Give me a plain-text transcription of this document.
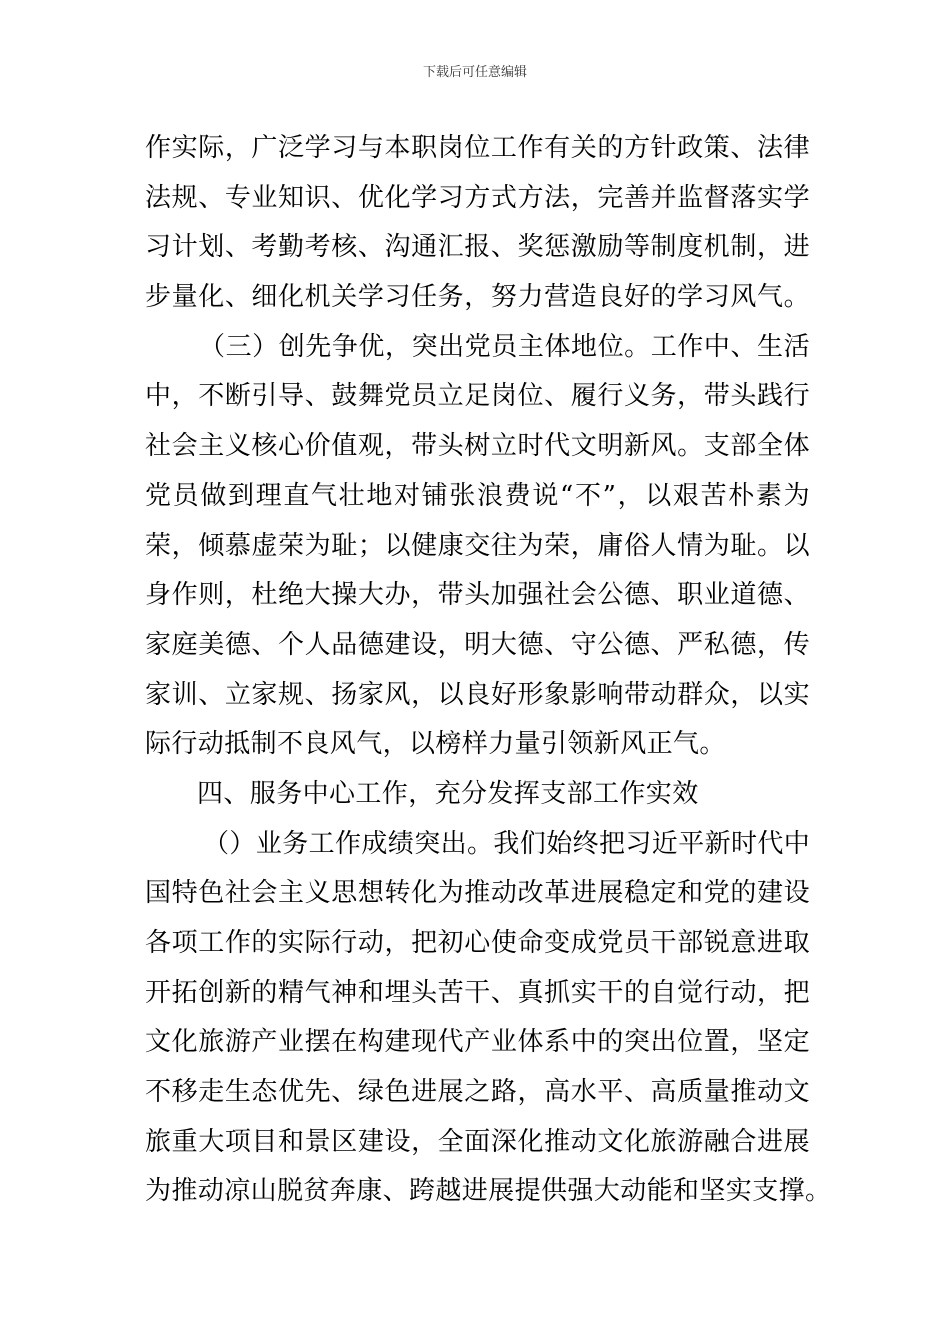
下载后可任意编辑
作实际，广泛学习与本职岗位工作有关的方针政策、法律
法规、专业知识、优化学习方式方法，完善并监督落实学
习计划、考勤考核、沟通汇报、奖惩激励等制度机制，进
步量化、细化机关学习任务，努力营造良好的学习风气。
（三）创先争优，突出党员主体地位。工作中、生活
中，不断引导、鼓舞党员立足岗位、履行义务，带头践行
社会主义核心价值观，带头树立时代文明新风。支部全体
党员做到理直气壮地对铺张浪费说“不”，以艰苦朴素为
荣，倾慕虚荣为耻；以健康交往为荣，庸俗人情为耻。以
身作则，杜绝大操大办，带头加强社会公德、职业道德、
家庭美德、个人品德建设，明大德、守公德、严私德，传
家训、立家规、扬家风，以良好形象影响带动群众，以实
际行动抵制不良风气，以榜样力量引领新风正气。
四、服务中心工作，充分发挥支部工作实效
（）业务工作成绩突出。我们始终把习近平新时代中
国特色社会主义思想转化为推动改革进展稳定和党的建设
各项工作的实际行动，把初心使命变成党员干部锐意进取
开拓创新的精气神和埋头苦干、真抓实干的自觉行动，把
文化旅游产业摆在构建现代产业体系中的突出位置，坚定
不移走生态优先、绿色进展之路，高水平、高质量推动文
旅重大项目和景区建设，全面深化推动文化旅游融合进展
为推动凉山脱贫奔康、跨越进展提供强大动能和坚实支撑。
